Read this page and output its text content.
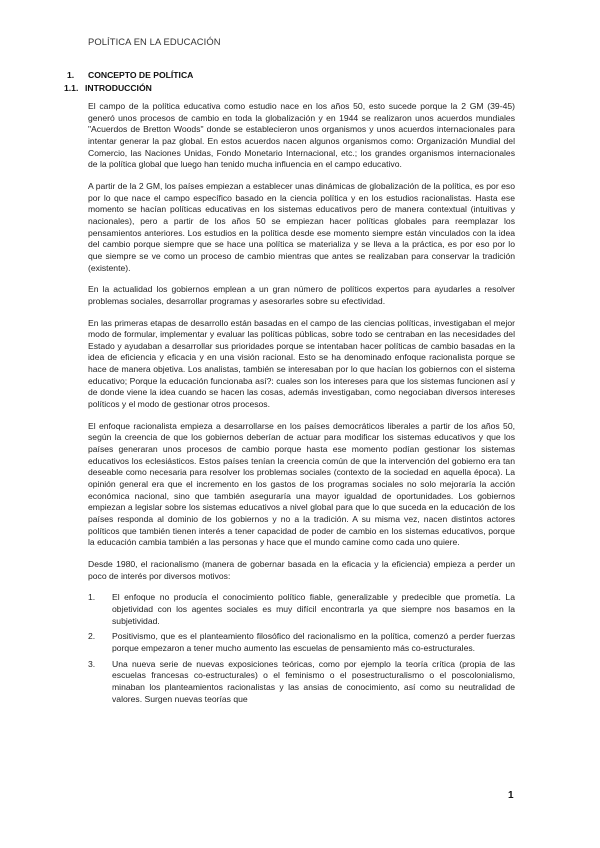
POLÍTICA EN LA EDUCACIÓN
1. CONCEPTO DE POLÍTICA
1.1. INTRODUCCIÓN

El campo de la política educativa como estudio nace en los años 50, esto sucede porque la 2 GM (39-45) generó unos procesos de cambio en toda la globalización y en 1944 se realizaron unos acuerdos mundiales "Acuerdos de Bretton Woods" donde se establecieron unos organismos y unos acuerdos internacionales para intentar generar la paz global. En estos acuerdos nacen algunos organismos como: Organización Mundial del Comercio, las Naciones Unidas, Fondo Monetario Internacional, etc.; los grandes organismos internacionales de la política global que luego han tenido mucha influencia en el campo educativo.

A partir de la 2 GM, los países empiezan a establecer unas dinámicas de globalización de la política, es por eso por lo que nace el campo específico basado en la ciencia política y en los estudios racionalistas. Hasta ese momento se hacían políticas educativas en los sistemas educativos pero de manera contextual (intuitivas y nacionales), pero a partir de los años 50 se empiezan hacer políticas globales para reemplazar los pensamientos anteriores. Los estudios en la política desde ese momento siempre están vinculados con la idea del cambio porque siempre que se hace una política se materializa y se lleva a la práctica, es por eso por lo que siempre se ve como un proceso de cambio mientras que antes se realizaban para conservar la tradición (existente).

En la actualidad los gobiernos emplean a un gran número de políticos expertos para ayudarles a resolver problemas sociales, desarrollar programas y asesorarles sobre su efectividad.

En las primeras etapas de desarrollo están basadas en el campo de las ciencias políticas, investigaban el mejor modo de formular, implementar y evaluar las políticas públicas, sobre todo se centraban en las necesidades del Estado y ayudaban a desarrollar sus prioridades porque se intentaban hacer políticas de cambio basadas en la idea de eficiencia y eficacia y en una visión racional. Esto se ha denominado enfoque racionalista porque se hace de manera objetiva. Los analistas, también se interesaban por lo que hacían los gobiernos con el sistema educativo; Porque la educación funcionaba así?: cuales son los intereses para que los sistemas funcionen así y de donde viene la idea cuando se hacen las cosas, además investigaban, como negociaban diversos intereses políticos y el modo de gestionar otros procesos.

El enfoque racionalista empieza a desarrollarse en los países democráticos liberales a partir de los años 50, según la creencia de que los gobiernos deberían de actuar para modificar los sistemas educativos y que los países generaran unos procesos de cambio porque hasta ese momento podían gestionar los sistemas educativos los eclesiásticos. Estos países tenían la creencia común de que la intervención del gobierno era tan deseable como necesaria para resolver los problemas sociales (contexto de la sociedad en aquella época). La opinión general era que el incremento en los gastos de los programas sociales no solo mejoraría la acción económica nacional, sino que también aseguraría una mayor igualdad de oportunidades. Los gobiernos empiezan a legislar sobre los sistemas educativos a nivel global para que lo que suceda en la educación de los países responda al dominio de los gobiernos y no a la tradición. A su misma vez, nacen distintos actores políticos que también tienen interés a tener capacidad de poder de cambio en los sistemas educativos, porque la educación cambia también a las personas y hace que el mundo camine como cada uno quiere.

Desde 1980, el racionalismo (manera de gobernar basada en la eficacia y la eficiencia) empieza a perder un poco de interés por diversos motivos:

1. El enfoque no producía el conocimiento político fiable, generalizable y predecible que prometía. La objetividad con los agentes sociales es muy difícil encontrarla ya que siempre nos basamos en la subjetividad.
2. Positivismo, que es el planteamiento filosófico del racionalismo en la política, comenzó a perder fuerzas porque empezaron a tener mucho aumento las escuelas de pensamiento más co-estructurales.
3. Una nueva serie de nuevas exposiciones teóricas, como por ejemplo la teoría crítica (propia de las escuelas francesas co-estructurales) o el feminismo o el posestructuralismo o el poscolonialismo, minaban los planteamientos racionalistas y las ansias de conocimiento, así como su neutralidad de valores. Surgen nuevas teorías que
1
